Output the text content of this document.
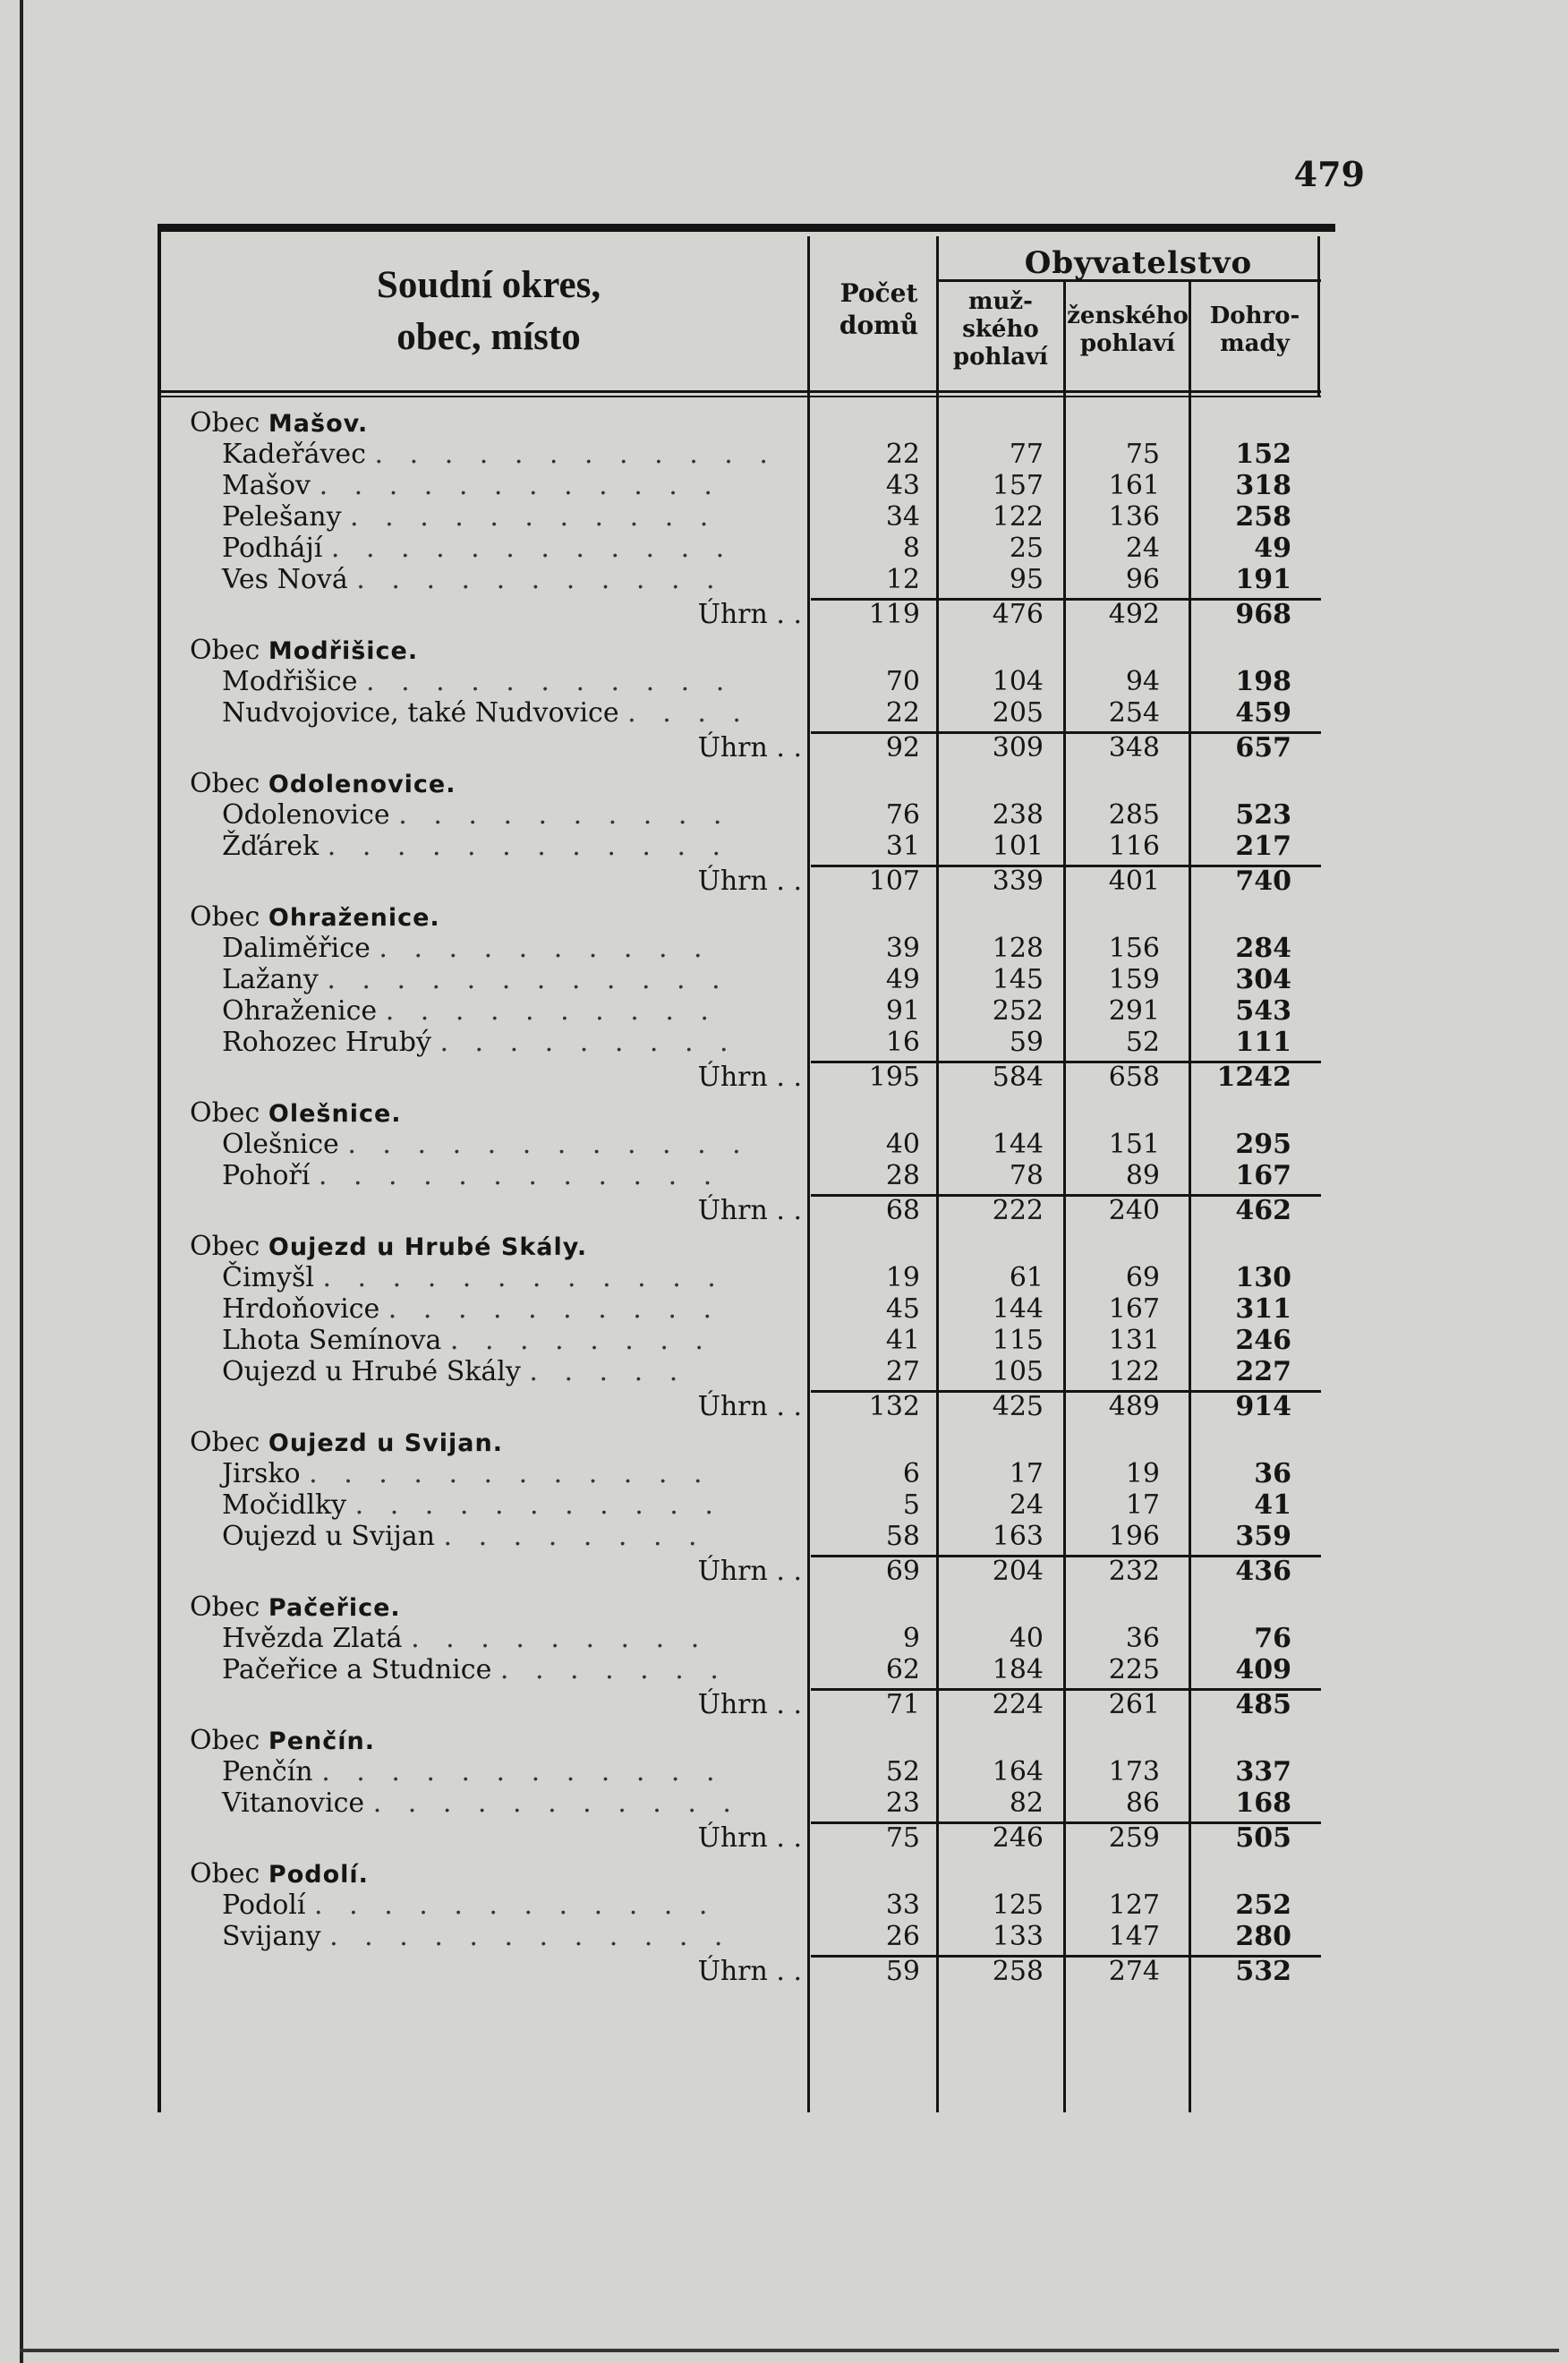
479
Soudní okres,
obec, místo
Počet
domů
Obyvatelstvo
muž-
ského
pohlaví
ženského
pohlaví
Dohro-
mady
Obec Mašov.
Kadeřávec . . . . . . . . . . . .	22	77	75	152
Mašov . . . . . . . . . . . .	43	157	161	318
Pelešany . . . . . . . . . . .	34	122	136	258
Podhájí . . . . . . . . . . . .	8	25	24	49
Ves Nová . . . . . . . . . . .	12	95	96	191
Úhrn . .	119	476	492	968
Obec Modřišice.
Modřišice . . . . . . . . . . .	70	104	94	198
Nudvojovice, také Nudvovice . . . .	22	205	254	459
Úhrn . .	92	309	348	657
Obec Odolenovice.
Odolenovice . . . . . . . . . .	76	238	285	523
Žďárek . . . . . . . . . . . .	31	101	116	217
Úhrn . .	107	339	401	740
Obec Ohraženice.
Daliměřice . . . . . . . . . .	39	128	156	284
Lažany . . . . . . . . . . . .	49	145	159	304
Ohraženice . . . . . . . . . .	91	252	291	543
Rohozec Hrubý . . . . . . . . .	16	59	52	111
Úhrn . .	195	584	658	1242
Obec Olešnice.
Olešnice . . . . . . . . . . . .	40	144	151	295
Pohoří . . . . . . . . . . . .	28	78	89	167
Úhrn . .	68	222	240	462
Obec Oujezd u Hrubé Skály.
Čimyšl . . . . . . . . . . . .	19	61	69	130
Hrdoňovice . . . . . . . . . .	45	144	167	311
Lhota Semínova . . . . . . . .	41	115	131	246
Oujezd u Hrubé Skály . . . . .	27	105	122	227
Úhrn . .	132	425	489	914
Obec Oujezd u Svijan.
Jirsko . . . . . . . . . . . .	6	17	19	36
Močidlky . . . . . . . . . . .	5	24	17	41
Oujezd u Svijan . . . . . . . .	58	163	196	359
Úhrn . .	69	204	232	436
Obec Pačeřice.
Hvězda Zlatá . . . . . . . . .	9	40	36	76
Pačeřice a Studnice . . . . . . .	62	184	225	409
Úhrn . .	71	224	261	485
Obec Penčín.
Penčín . . . . . . . . . . . .	52	164	173	337
Vitanovice . . . . . . . . . . .	23	82	86	168
Úhrn . .	75	246	259	505
Obec Podolí.
Podolí . . . . . . . . . . . .	33	125	127	252
Svijany . . . . . . . . . . . .	26	133	147	280
Úhrn . .	59	258	274	532
